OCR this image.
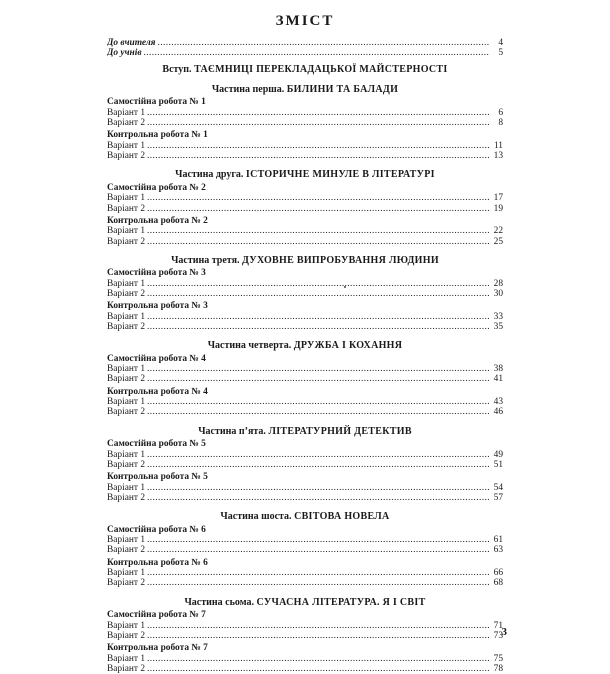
ЗМІСТ
До вчителя .....	4
До учнів .....	5
Вступ. ТАЄМНИЦІ ПЕРЕКЛАДАЦЬКОЇ МАЙСТЕРНОСТІ
Частина перша. БИЛИНИ ТА БАЛАДИ
Самостійна робота № 1
Варіант 1 .....	6
Варіант 2 .....	8
Контрольна робота № 1
Варіант 1 .....	11
Варіант 2 .....	13
Частина друга. ІСТОРИЧНЕ МИНУЛЕ В ЛІТЕРАТУРІ
Самостійна робота № 2
Варіант 1 .....	17
Варіант 2 .....	19
Контрольна робота № 2
Варіант 1 .....	22
Варіант 2 .....	25
Частина третя. ДУХОВНЕ ВИПРОБУВАННЯ ЛЮДИНИ
Самостійна робота № 3
Варіант 1 .....	28
Варіант 2 .....	30
Контрольна робота № 3
Варіант 1 .....	33
Варіант 2 .....	35
Частина четверта. ДРУЖБА І КОХАННЯ
Самостійна робота № 4
Варіант 1 .....	38
Варіант 2 .....	41
Контрольна робота № 4
Варіант 1 .....	43
Варіант 2 .....	46
Частина п’ята. ЛІТЕРАТУРНИЙ ДЕТЕКТИВ
Самостійна робота № 5
Варіант 1 .....	49
Варіант 2 .....	51
Контрольна робота № 5
Варіант 1 .....	54
Варіант 2 .....	57
Частина шоста. СВІТОВА НОВЕЛА
Самостійна робота № 6
Варіант 1 .....	61
Варіант 2 .....	63
Контрольна робота № 6
Варіант 1 .....	66
Варіант 2 .....	68
Частина сьома. СУЧАСНА ЛІТЕРАТУРА. Я І СВІТ
Самостійна робота № 7
Варіант 1 .....	71
Варіант 2 .....	73
Контрольна робота № 7
Варіант 1 .....	75
Варіант 2 .....	78
3
